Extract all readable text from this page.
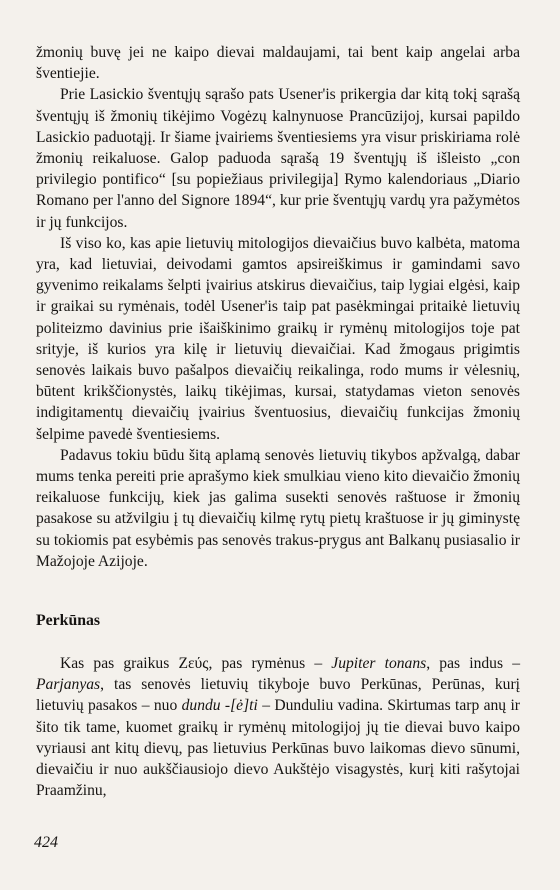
žmonių buvę jei ne kaipo dievai maldaujami, tai bent kaip angelai arba šventiejie.

Prie Lasickio šventųjų sąrašo pats Usener'is prikergia dar kitą tokį sąrašą šventųjų iš žmonių tikėjimo Vogėzų kalnynuose Prancūzijoj, kursai papildo Lasickio paduotąjį. Ir šiame įvairiems šventiesiems yra visur priskiriama rolė žmonių reikaluose. Galop paduoda sąrašą 19 šventųjų iš išleisto „con privilegio pontifico“ [su popiežiaus privilegija] Rymo kalendoriaus „Diario Romano per l'anno del Signore 1894“, kur prie šventųjų vardų yra pažymėtos ir jų funkcijos.

Iš viso ko, kas apie lietuvių mitologijos dievaičius buvo kalbėta, matoma yra, kad lietuviai, deivodami gamtos apsireiškimus ir gamindami savo gyvenimo reikalams šelpti įvairius atskirus dievaičius, taip lygiai elgėsi, kaip ir graikai su rymėnais, todėl Usener'is taip pat pasėkmingai pritaikė lietuvių politeizmo davinius prie išaiškinimo graikų ir rymėnų mitologijos toje pat srityje, iš kurios yra kilę ir lietuvių dievaičiai. Kad žmogaus prigimtis senovės laikais buvo pašalpos dievaičių reikalinga, rodo mums ir vėlesnių, būtent krikščionystės, laikų tikėjimas, kursai, statydamas vieton senovės indigitamentų dievaičių įvairius šventuosius, dievaičių funkcijas žmonių šelpime pavedė šventiesiems.

Padavus tokiu būdu šitą aplamą senovės lietuvių tikybos apžvalgą, dabar mums tenka pereiti prie aprašymo kiek smulkiau vieno kito dievaičio žmonių reikaluose funkcijų, kiek jas galima susekti senovės raštuose ir žmonių pasakose su atžvilgiu į tų dievaičių kilmę rytų pietų kraštuose ir jų giminystę su tokiomis pat esybėmis pas senovės trakus-prygus ant Balkanų pusiasalio ir Mažojoje Azijoje.

Perkūnas

Kas pas graikus Ζεύς, pas rymėnus – Jupiter tonans, pas indus – Parjanyas, tas senovės lietuvių tikyboje buvo Perkūnas, Perūnas, kurį lietuvių pasakos – nuo dundu -[ė]ti – Dunduliu vadina. Skirtumas tarp anų ir šito tik tame, kuomet graikų ir rymėnų mitologijoj jų tie dievai buvo kaipo vyriausi ant kitų dievų, pas lietuvius Perkūnas buvo laikomas dievo sūnumi, dievaičiu ir nuo aukščiausiojo dievo Aukštėjo visagystės, kurį kiti rašytojai Praamžinu,

424
